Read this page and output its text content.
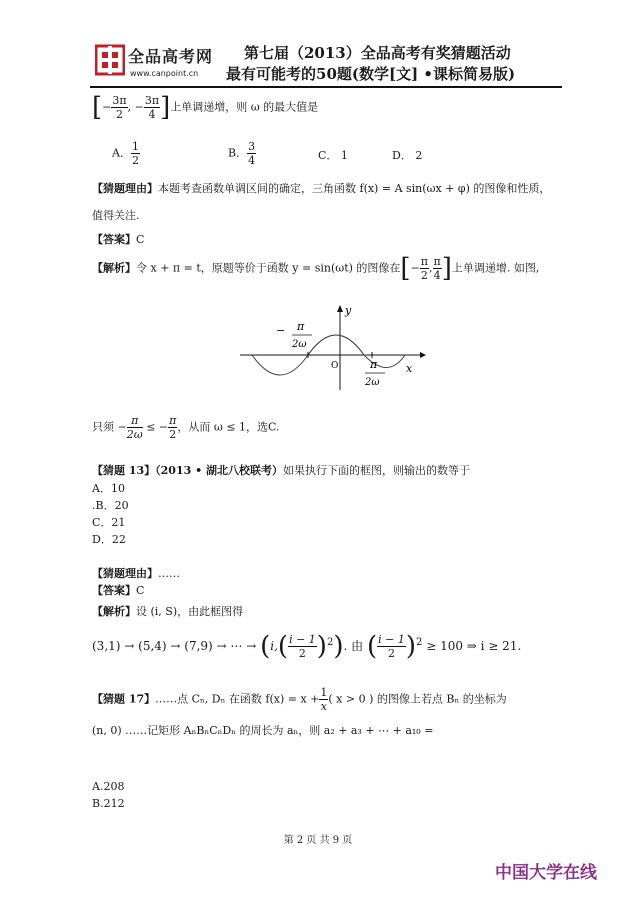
全品高考网
www.canpoint.cn
第七届（2013）全品高考有奖猜题活动
最有可能考的50题(数学[文] •课标简易版)
[− $\frac{3\pi}{2}$ , − $\frac{3\pi}{4}$ ]上单调递增，则 ω 的最大值是
A． $\frac{1}{2}$	B． $\frac{3}{4}$	C． 1	D． 2
【猜题理由】本题考查函数单调区间的确定，三角函数 f(x) = A sin(ωx + φ) 的图像和性质，
值得关注.
【答案】C
【解析】令 x + π = t，原题等价于函数 y = sin(ωt) 的图像在[− $\frac{\pi}{2}$ , $\frac{\pi}{4}$ ]上单调递增. 如图,
y
x
O
− π
2ω
π
2ω
只须 − $\frac{\pi}{2\omega}$ ≤ − $\frac{\pi}{2}$ ，从而 ω ≤ 1，选C.
【猜题 13】（2013 • 湖北八校联考）如果执行下面的框图，则输出的数等于
A．10
.B．20
C．21
D．22
【猜题理由】……
【答案】C
【解析】设 (i, S)，由此框图得
(3,1) → (5,4) → (7,9) → ⋯ → $(i,( \frac{i - 1}{2} )^2)$. 由 ( $\frac{i - 1}{2} )^2 \ge 100$ ⇒ i ≥ 21.
【猜题 17】……点 Cₙ, Dₙ 在函数 $f(x) = x + \frac{1}{x}$ ( x > 0 ) 的图像上若点 Bₙ 的坐标为
(n, 0) ……记矩形 AₙBₙCₙDₙ 的周长为 aₙ，则 a₂ + a₃ + ⋯ + a₁₀ =
A.208
B.212
第 2 页 共 9 页
中国大学在线
